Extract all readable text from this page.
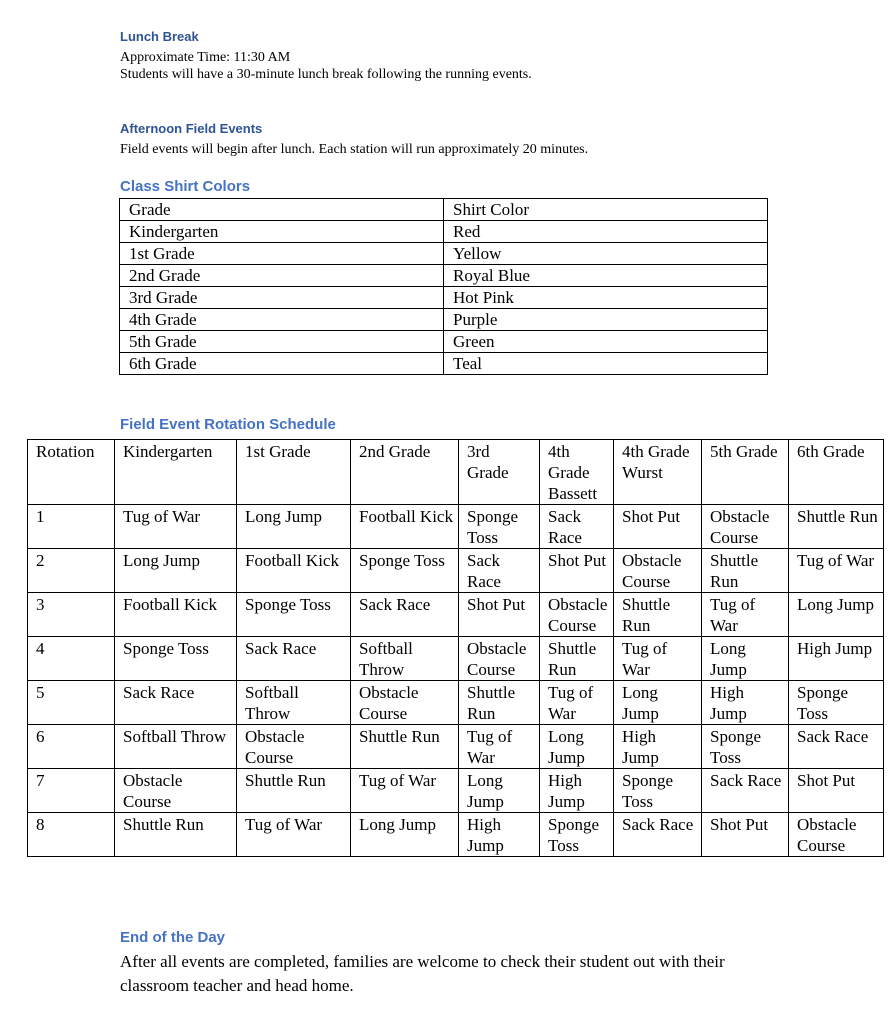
Lunch Break

Approximate Time: 11:30 AM

Students will have a 30-minute lunch break following the running events.

Afternoon Field Events

Field events will begin after lunch. Each station will run approximately 20 minutes.

Class Shirt Colors

Grade	Shirt Color
Kindergarten	Red
1st Grade	Yellow
2nd Grade	Royal Blue
3rd Grade	Hot Pink
4th Grade	Purple
5th Grade	Green
6th Grade	Teal

Field Event Rotation Schedule

Rotation	Kindergarten	1st Grade	2nd Grade	3rd Grade	4th Grade Bassett	4th Grade Wurst	5th Grade	6th Grade
1	Tug of War	Long Jump	Football Kick	Sponge Toss	Sack Race	Shot Put	Obstacle Course	Shuttle Run
2	Long Jump	Football Kick	Sponge Toss	Sack Race	Shot Put	Obstacle Course	Shuttle Run	Tug of War
3	Football Kick	Sponge Toss	Sack Race	Shot Put	Obstacle Course	Shuttle Run	Tug of War	Long Jump
4	Sponge Toss	Sack Race	Softball Throw	Obstacle Course	Shuttle Run	Tug of War	Long Jump	High Jump
5	Sack Race	Softball Throw	Obstacle Course	Shuttle Run	Tug of War	Long Jump	High Jump	Sponge Toss
6	Softball Throw	Obstacle Course	Shuttle Run	Tug of War	Long Jump	High Jump	Sponge Toss	Sack Race
7	Obstacle Course	Shuttle Run	Tug of War	Long Jump	High Jump	Sponge Toss	Sack Race	Shot Put
8	Shuttle Run	Tug of War	Long Jump	High Jump	Sponge Toss	Sack Race	Shot Put	Obstacle Course

End of the Day

After all events are completed, families are welcome to check their student out with their classroom teacher and head home.
